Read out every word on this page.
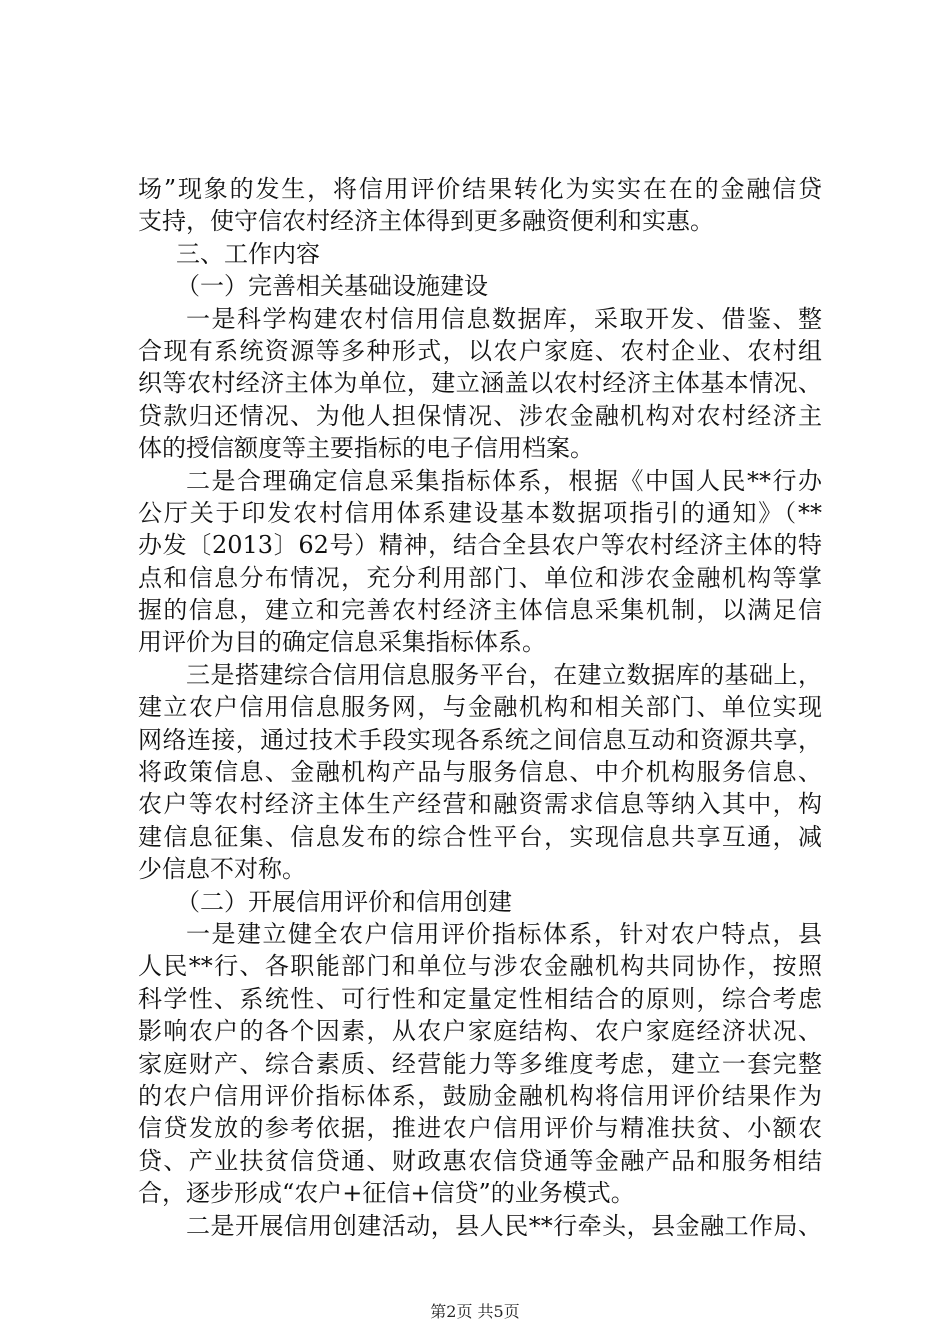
场”现象的发生，将信用评价结果转化为实实在在的金融信贷
支持，使守信农村经济主体得到更多融资便利和实惠。
三、工作内容
（一）完善相关基础设施建设
一是科学构建农村信用信息数据库，采取开发、借鉴、整
合现有系统资源等多种形式，以农户家庭、农村企业、农村组
织等农村经济主体为单位，建立涵盖以农村经济主体基本情况、
贷款归还情况、为他人担保情况、涉农金融机构对农村经济主
体的授信额度等主要指标的电子信用档案。
二是合理确定信息采集指标体系，根据《中国人民**行办
公厅关于印发农村信用体系建设基本数据项指引的通知》（**
办发〔2013〕62号）精神，结合全县农户等农村经济主体的特
点和信息分布情况，充分利用部门、单位和涉农金融机构等掌
握的信息，建立和完善农村经济主体信息采集机制，以满足信
用评价为目的确定信息采集指标体系。
三是搭建综合信用信息服务平台，在建立数据库的基础上，
建立农户信用信息服务网，与金融机构和相关部门、单位实现
网络连接，通过技术手段实现各系统之间信息互动和资源共享，
将政策信息、金融机构产品与服务信息、中介机构服务信息、
农户等农村经济主体生产经营和融资需求信息等纳入其中，构
建信息征集、信息发布的综合性平台，实现信息共享互通，减
少信息不对称。
（二）开展信用评价和信用创建
一是建立健全农户信用评价指标体系，针对农户特点，县
人民**行、各职能部门和单位与涉农金融机构共同协作，按照
科学性、系统性、可行性和定量定性相结合的原则，综合考虑
影响农户的各个因素，从农户家庭结构、农户家庭经济状况、
家庭财产、综合素质、经营能力等多维度考虑，建立一套完整
的农户信用评价指标体系，鼓励金融机构将信用评价结果作为
信贷发放的参考依据，推进农户信用评价与精准扶贫、小额农
贷、产业扶贫信贷通、财政惠农信贷通等金融产品和服务相结
合，逐步形成“农户+征信+信贷”的业务模式。
二是开展信用创建活动，县人民**行牵头，县金融工作局、
第2页 共5页
